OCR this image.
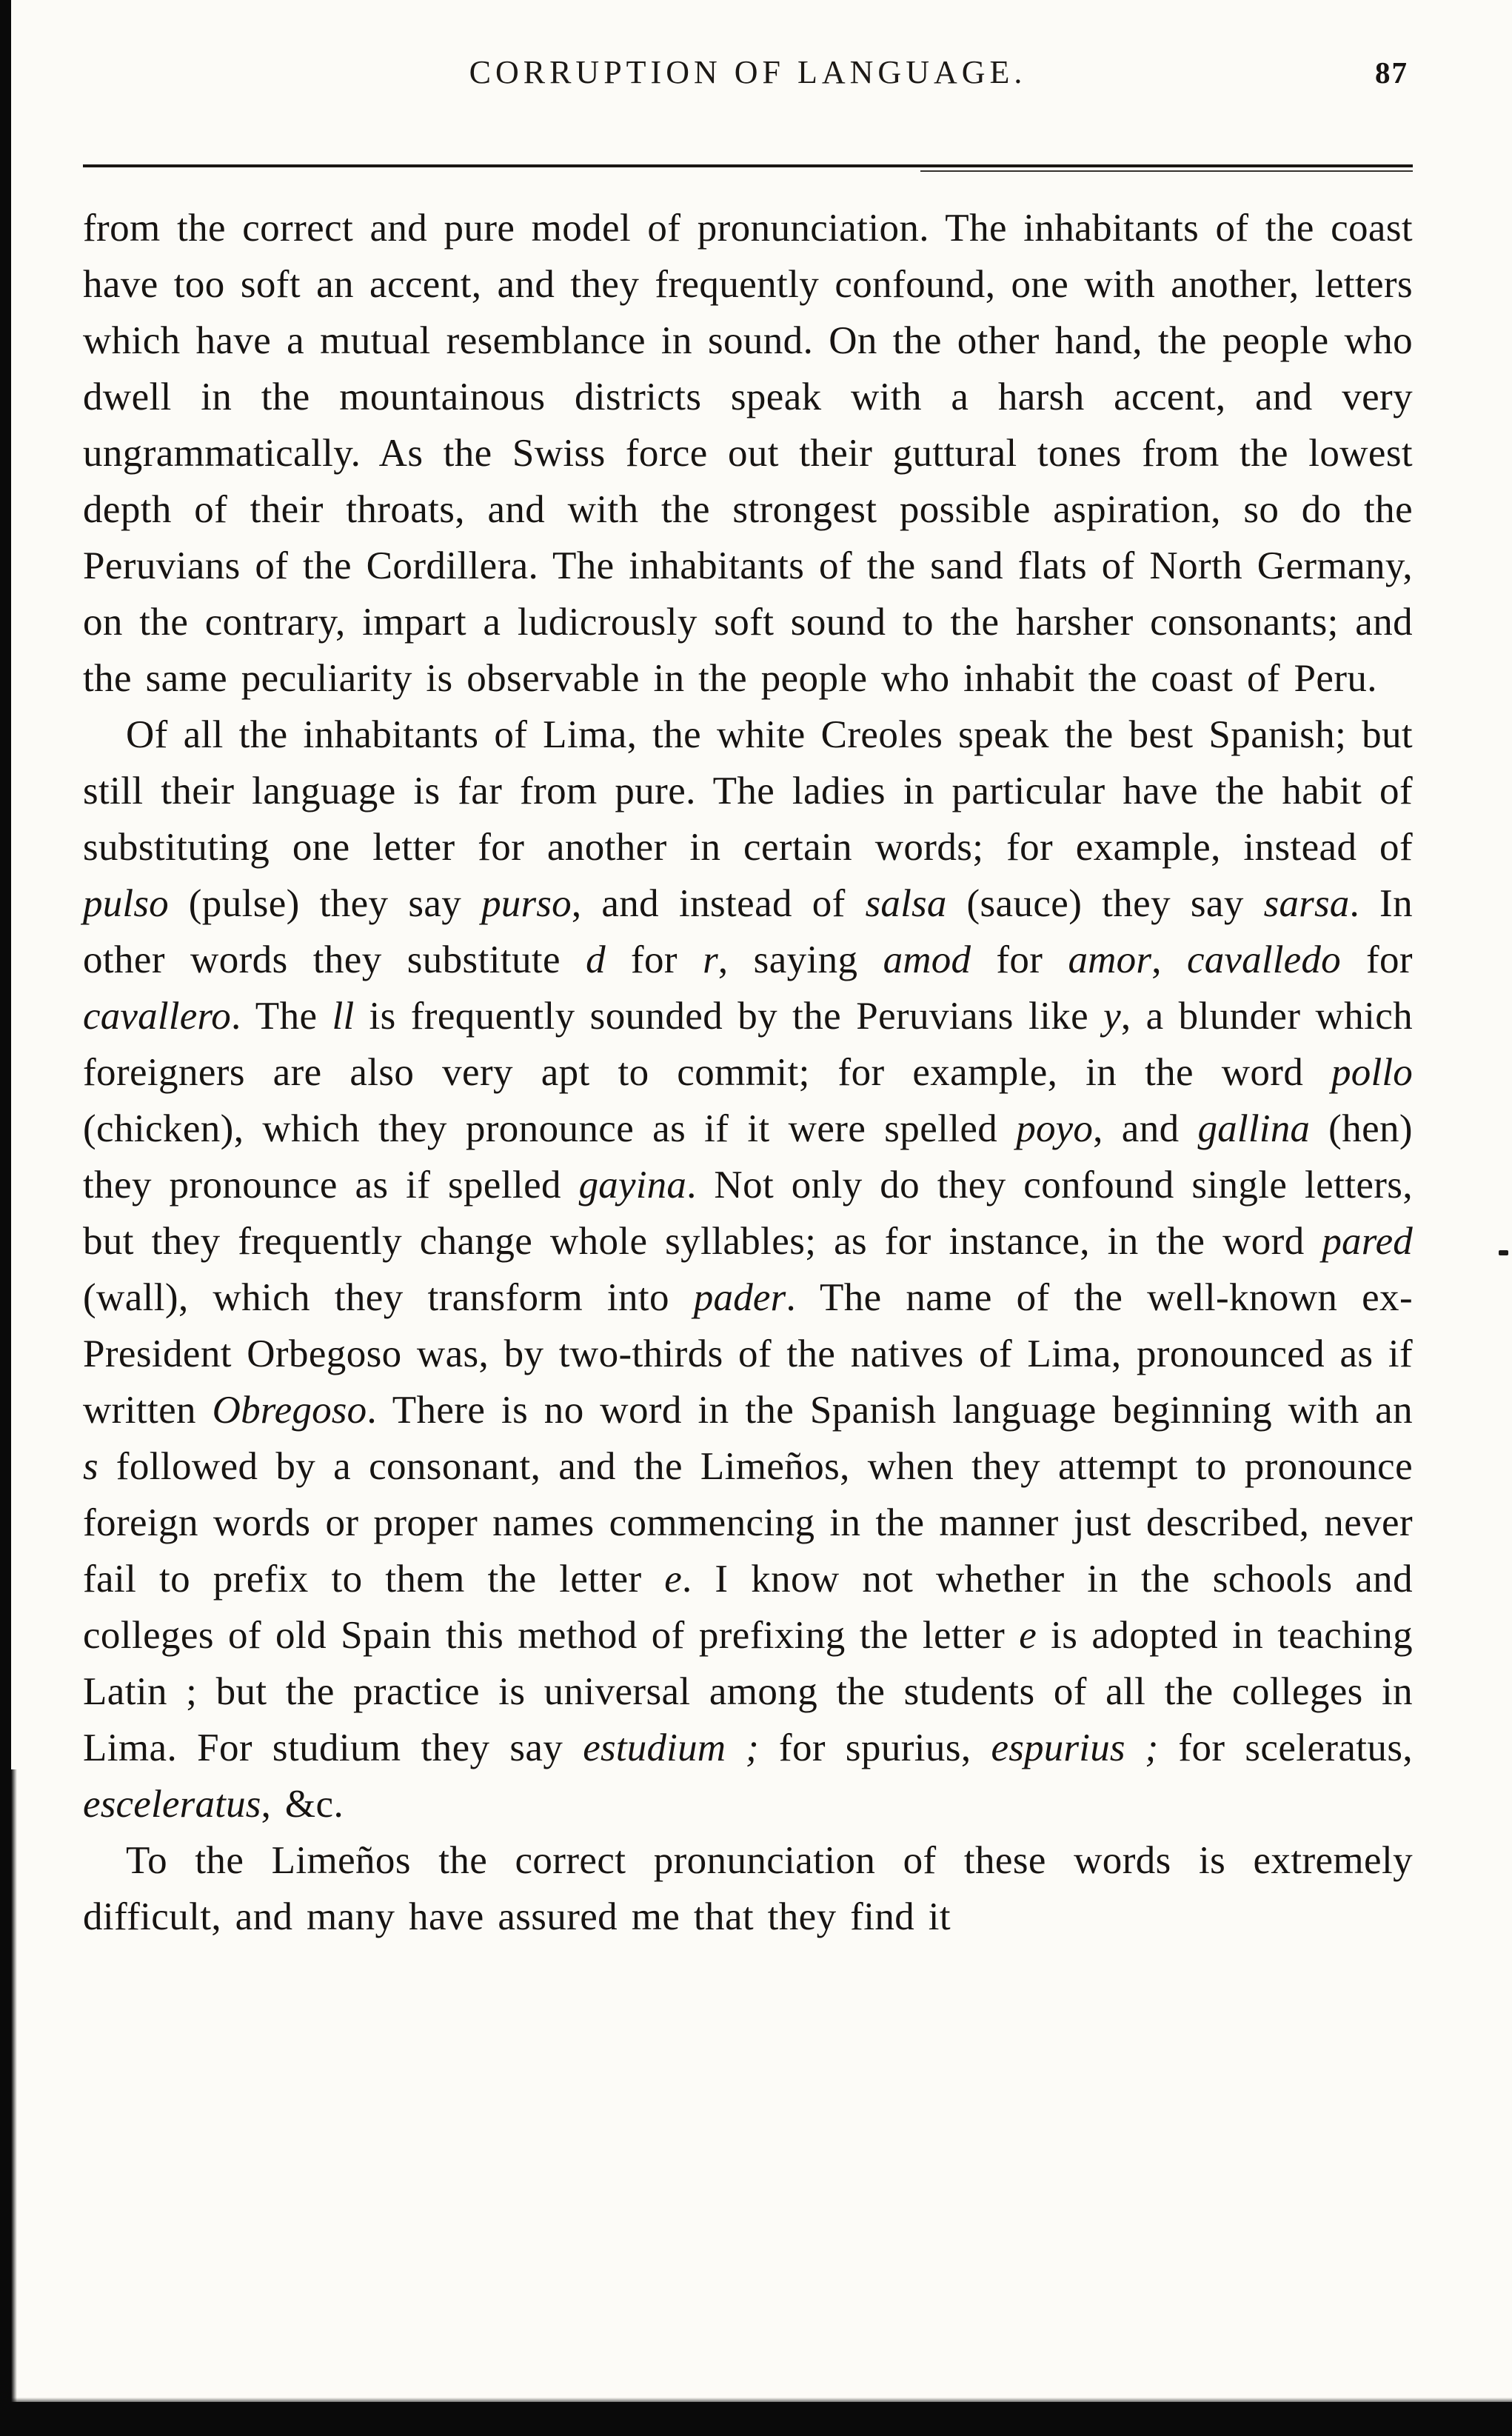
CORRUPTION OF LANGUAGE.	87

from the correct and pure model of pronunciation. The inhabitants of the coast have too soft an accent, and they frequently confound, one with another, letters which have a mutual resemblance in sound. On the other hand, the people who dwell in the mountainous districts speak with a harsh accent, and very ungrammatically. As the Swiss force out their guttural tones from the lowest depth of their throats, and with the strongest possible aspiration, so do the Peruvians of the Cordillera. The inhabitants of the sand flats of North Germany, on the contrary, impart a ludicrously soft sound to the harsher consonants; and the same peculiarity is observable in the people who inhabit the coast of Peru.

Of all the inhabitants of Lima, the white Creoles speak the best Spanish; but still their language is far from pure. The ladies in particular have the habit of substituting one letter for another in certain words; for example, instead of pulso (pulse) they say purso, and instead of salsa (sauce) they say sarsa. In other words they substitute d for r, saying amod for amor, cavalledo for cavallero. The ll is frequently sounded by the Peruvians like y, a blunder which foreigners are also very apt to commit; for example, in the word pollo (chicken), which they pronounce as if it were spelled poyo, and gallina (hen) they pronounce as if spelled gayina. Not only do they confound single letters, but they frequently change whole syllables; as for instance, in the word pared (wall), which they transform into pader. The name of the well-known ex-President Orbegoso was, by two-thirds of the natives of Lima, pronounced as if written Obregoso. There is no word in the Spanish language beginning with an s followed by a consonant, and the Limeños, when they attempt to pronounce foreign words or proper names commencing in the manner just described, never fail to prefix to them the letter e. I know not whether in the schools and colleges of old Spain this method of prefixing the letter e is adopted in teaching Latin ; but the practice is universal among the students of all the colleges in Lima. For studium they say estudium ; for spurius, espurius ; for sceleratus, esceleratus, &c.

To the Limeños the correct pronunciation of these words is extremely difficult, and many have assured me that they find it
